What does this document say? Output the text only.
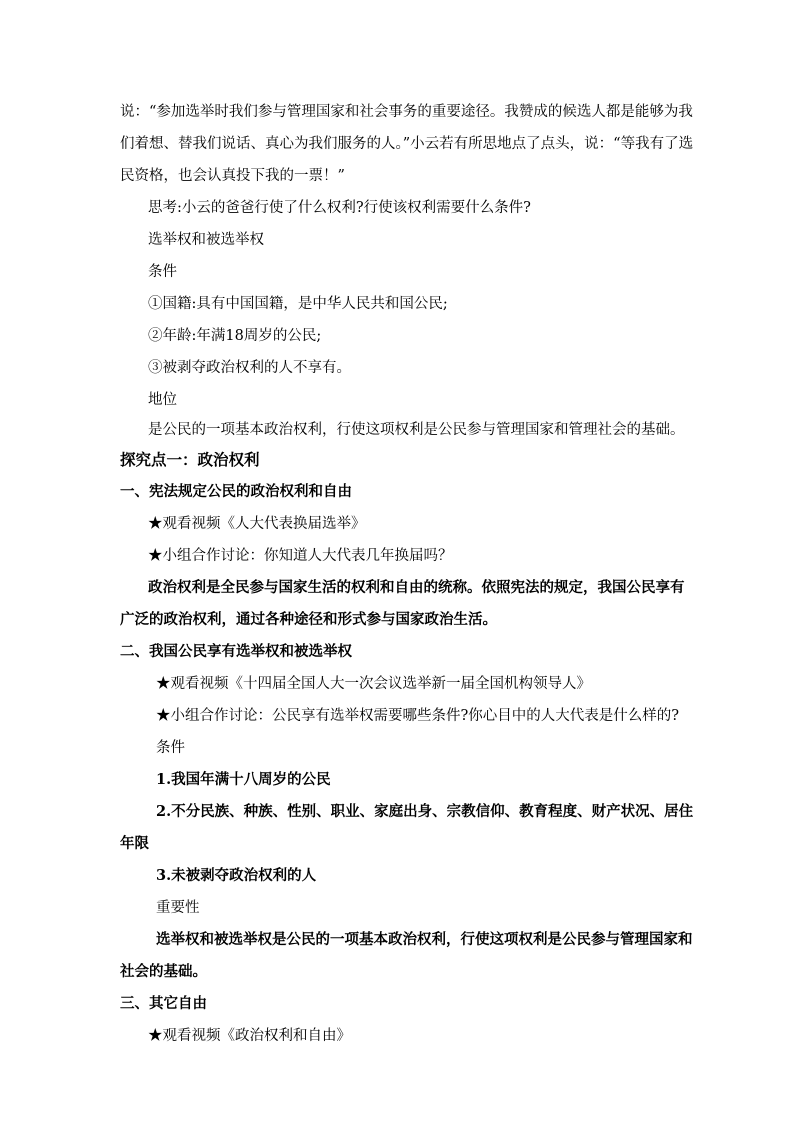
说：“参加选举时我们参与管理国家和社会事务的重要途径。我赞成的候选人都是能够为我
们着想、替我们说话、真心为我们服务的人。”小云若有所思地点了点头，说：“等我有了选
民资格，也会认真投下我的一票！”
思考:小云的爸爸行使了什么权利?行使该权利需要什么条件?
选举权和被选举权
条件
①国籍:具有中国国籍，是中华人民共和国公民;
②年龄:年满18周岁的公民;
③被剥夺政治权利的人不享有。
地位
是公民的一项基本政治权利，行使这项权利是公民参与管理国家和管理社会的基础。
探究点一：政治权利
一、宪法规定公民的政治权利和自由
★观看视频《人大代表换届选举》
★小组合作讨论：你知道人大代表几年换届吗？
政治权利是全民参与国家生活的权利和自由的统称。依照宪法的规定，我国公民享有
广泛的政治权利，通过各种途径和形式参与国家政治生活。
二、我国公民享有选举权和被选举权
★观看视频《十四届全国人大一次会议选举新一届全国机构领导人》
★小组合作讨论：公民享有选举权需要哪些条件?你心目中的人大代表是什么样的?
条件
1.我国年满十八周岁的公民
2.不分民族、种族、性别、职业、家庭出身、宗教信仰、教育程度、财产状况、居住
年限
3.未被剥夺政治权利的人
重要性
选举权和被选举权是公民的一项基本政治权利，行使这项权利是公民参与管理国家和
社会的基础。
三、其它自由
★观看视频《政治权利和自由》
